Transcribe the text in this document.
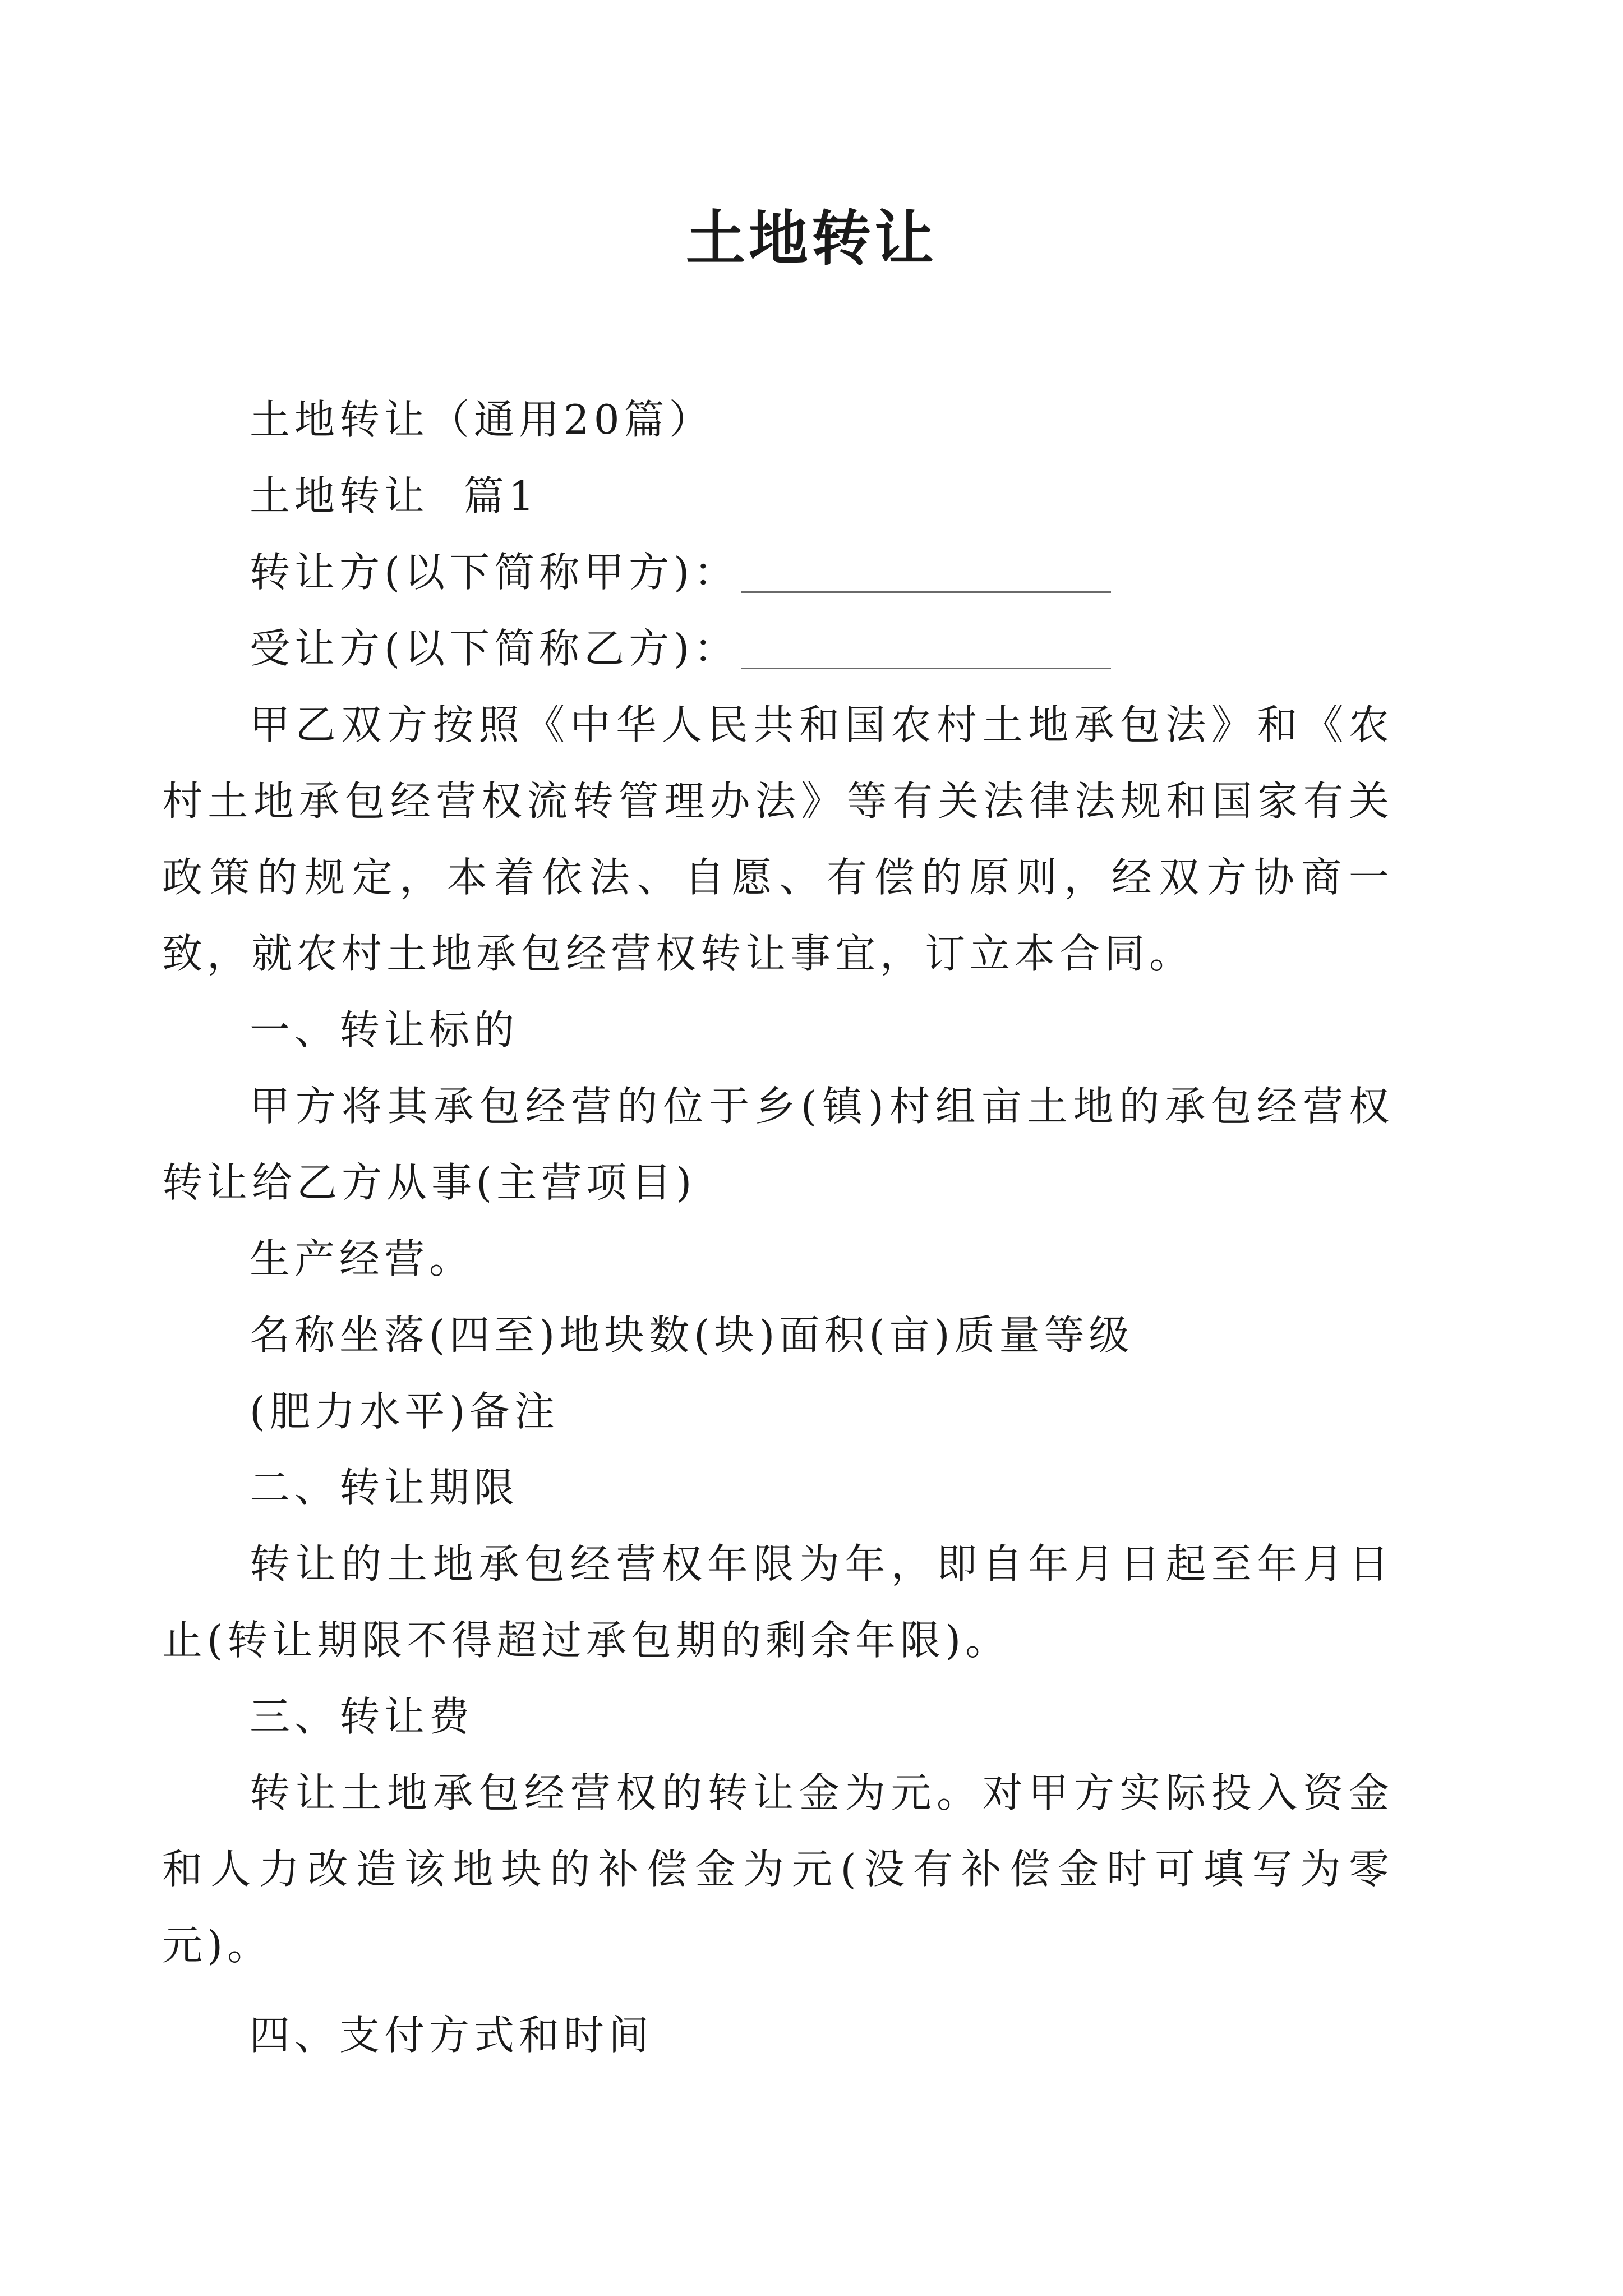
土地转让

土地转让（通用20篇）

土地转让  篇1

转让方(以下简称甲方)：

受让方(以下简称乙方)：

甲乙双方按照《中华人民共和国农村土地承包法》和《农村土地承包经营权流转管理办法》等有关法律法规和国家有关政策的规定，本着依法、自愿、有偿的原则，经双方协商一致，就农村土地承包经营权转让事宜，订立本合同。

一、转让标的

甲方将其承包经营的位于乡(镇)村组亩土地的承包经营权转让给乙方从事(主营项目)

生产经营。

名称坐落(四至)地块数(块)面积(亩)质量等级

(肥力水平)备注

二、转让期限

转让的土地承包经营权年限为年，即自年月日起至年月日止(转让期限不得超过承包期的剩余年限)。

三、转让费

转让土地承包经营权的转让金为元。对甲方实际投入资金和人力改造该地块的补偿金为元(没有补偿金时可填写为零元)。

四、支付方式和时间
